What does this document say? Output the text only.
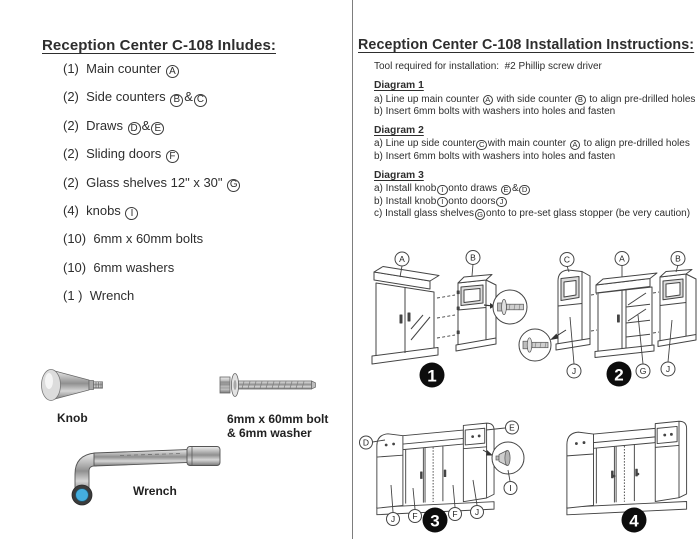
Reception Center C-108 Inludes:
(1)  Main counter A
(2)  Side counters B & C
(2)  Draws D & E
(2)  Sliding doors F
(2)  Glass shelves 12" x 30" G
(4)  knobs I
(10)  6mm x 60mm bolts
(10)  6mm washers
(1 )  Wrench
Knob	6mm x 60mm bolt
& 6mm washer
Wrench
Reception Center C-108 Installation Instructions:
Tool required for installation:  #2 Phillip screw driver
Diagram 1
a) Line up main counter A with side counter B to align pre-drilled holes
b) Insert 6mm bolts with washers into holes and fasten
Diagram 2
a) Line up side counter C with main counter A to align pre-drilled holes
b) Insert 6mm bolts with washers into holes and fasten
Diagram 3
a) Install knob I onto draws E & D
b) Install knob I onto doors J
c) Install glass shelves G onto to pre-set glass stopper (be very caution)
A	B
1
C	A	B
J	G J
2
D
E
I
J F	F J
3	4
